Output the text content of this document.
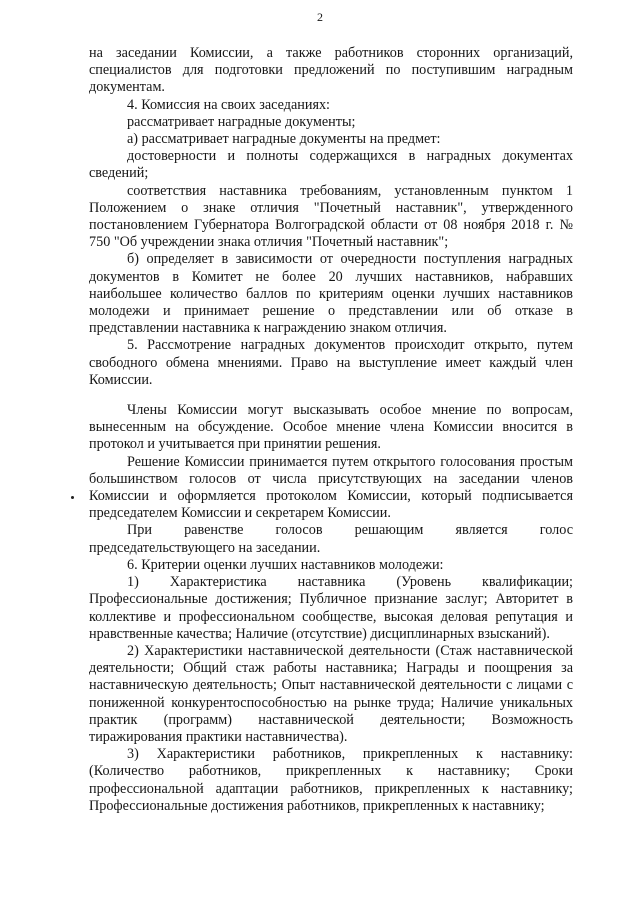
2

на заседании Комиссии, а также работников сторонних организаций, специалистов для подготовки предложений по поступившим наградным документам.

4. Комиссия на своих заседаниях:

рассматривает наградные документы;

а) рассматривает наградные документы на предмет:

достоверности и полноты содержащихся в наградных документах сведений;

соответствия наставника требованиям, установленным пунктом 1 Положением о знаке отличия "Почетный наставник", утвержденного постановлением Губернатора Волгоградской области от 08 ноября 2018 г. № 750 "Об учреждении знака отличия "Почетный наставник";

б) определяет в зависимости от очередности поступления наградных документов в Комитет не более 20 лучших наставников, набравших наибольшее количество баллов по критериям оценки лучших наставников молодежи и принимает решение о представлении или об отказе в представлении наставника к награждению знаком отличия.

5. Рассмотрение наградных документов происходит открыто, путем свободного обмена мнениями. Право на выступление имеет каждый член Комиссии.

Члены Комиссии могут высказывать особое мнение по вопросам, вынесенным на обсуждение. Особое мнение члена Комиссии вносится в протокол и учитывается при принятии решения.

Решение Комиссии принимается путем открытого голосования простым большинством голосов от числа присутствующих на заседании членов Комиссии и оформляется протоколом Комиссии, который подписывается председателем Комиссии и секретарем Комиссии.

При равенстве голосов решающим является голос председательствующего на заседании.

6. Критерии оценки лучших наставников молодежи:

1) Характеристика наставника (Уровень квалификации; Профессиональные достижения; Публичное признание заслуг; Авторитет в коллективе и профессиональном сообществе, высокая деловая репутация и нравственные качества; Наличие (отсутствие) дисциплинарных взысканий).

2) Характеристики наставнической деятельности (Стаж наставнической деятельности; Общий стаж работы наставника; Награды и поощрения за наставническую деятельность; Опыт наставнической деятельности с лицами с пониженной конкурентоспособностью на рынке труда; Наличие уникальных практик (программ) наставнической деятельности; Возможность тиражирования практики наставничества).

3) Характеристики работников, прикрепленных к наставнику: (Количество работников, прикрепленных к наставнику; Сроки профессиональной адаптации работников, прикрепленных к наставнику; Профессиональные достижения работников, прикрепленных к наставнику;
